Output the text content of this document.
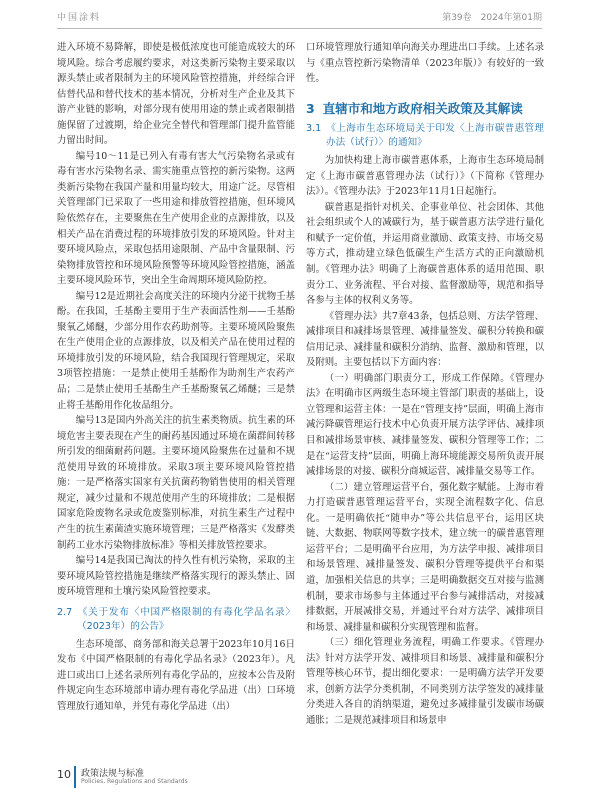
中国涂料	第39卷　2024年第01期

进入环境不易降解，即使是极低浓度也可能造成较大的环境风险。综合考虑履约要求，对这类新污染物主要采取以源头禁止或者限制为主的环境风险管控措施，并经综合评估替代品和替代技术的基本情况，分析对生产企业及其下游产业链的影响，对部分现有使用用途的禁止或者限制措施保留了过渡期，给企业完全替代和管理部门提升监管能力留出时间。

编号10～11是已列入有毒有害大气污染物名录或有毒有害水污染物名录、需实施重点管控的新污染物。这两类新污染物在我国产量和用量均较大，用途广泛。尽管相关管理部门已采取了一些用途和排放管控措施，但环境风险依然存在，主要聚焦在生产使用企业的点源排放，以及相关产品在消费过程的环境排放引发的环境风险。针对主要环境风险点，采取包括用途限制、产品中含量限制、污染物排放管控和环境风险预警等环境风险管控措施，涵盖主要环境风险环节，突出全生命周期环境风险防控。

编号12是近期社会高度关注的环境内分泌干扰物壬基酚。在我国，壬基酚主要用于生产表面活性剂——壬基酚聚氧乙烯醚，少部分用作农药助剂等。主要环境风险聚焦在生产使用企业的点源排放，以及相关产品在使用过程的环境排放引发的环境风险，结合我国现行管理规定，采取3项管控措施：一是禁止使用壬基酚作为助剂生产农药产品；二是禁止使用壬基酚生产壬基酚聚氧乙烯醚；三是禁止将壬基酚用作化妆品组分。

编号13是国内外高关注的抗生素类物质。抗生素的环境危害主要表现在产生的耐药基因通过环境在菌群间转移所引发的细菌耐药问题。主要环境风险聚焦在过量和不规范使用导致的环境排放。采取3项主要环境风险管控措施：一是严格落实国家有关抗菌药物销售使用的相关管理规定，减少过量和不规范使用产生的环境排放；二是根据国家危险废物名录或危废鉴别标准，对抗生素生产过程中产生的抗生素菌渣实施环境管理；三是严格落实《发酵类制药工业水污染物排放标准》等相关排放管控要求。

编号14是我国已淘汰的持久性有机污染物，采取的主要环境风险管控措施是继续严格落实现行的源头禁止、固废环境管理和土壤污染风险管控要求。

2.7 《关于发布〈中国严格限制的有毒化学品名录〉（2023年）的公告》

生态环境部、商务部和海关总署于2023年10月16日发布《中国严格限制的有毒化学品名录》（2023年）。凡进口或出口上述名录所列有毒化学品的，应按本公告及附件规定向生态环境部申请办理有毒化学品进（出）口环境管理放行通知单，并凭有毒化学品进（出）

口环境管理放行通知单向海关办理进出口手续。上述名录与《重点管控新污染物清单（2023年版）》有较好的一致性。

3 直辖市和地方政府相关政策及其解读
3.1 《上海市生态环境局关于印发〈上海市碳普惠管理办法（试行）〉的通知》

为加快构建上海市碳普惠体系，上海市生态环境局制定《上海市碳普惠管理办法（试行）》（下简称《管理办法》）。《管理办法》于2023年11月1日起施行。

碳普惠是指针对机关、企事业单位、社会团体、其他社会组织或个人的减碳行为，基于碳普惠方法学进行量化和赋予一定价值，并运用商业激励、政策支持、市场交易等方式，推动建立绿色低碳生产生活方式的正向激励机制。《管理办法》明确了上海碳普惠体系的适用范围、职责分工、业务流程、平台对接、监督激励等，规范和指导各参与主体的权利义务等。

《管理办法》共7章43条，包括总则、方法学管理、减排项目和减排场景管理、减排量签发、碳积分转换和碳信用记录、减排量和碳积分消纳、监督、激励和管理，以及附则。主要包括以下方面内容：

（一）明确部门职责分工，形成工作保障。《管理办法》在明确市区两级生态环境主管部门职责的基础上，设立管理和运营主体：一是在“管理支持”层面，明确上海市减污降碳管理运行技术中心负责开展方法学评估、减排项目和减排场景审核、减排量签发、碳积分管理等工作；二是在“运营支持”层面，明确上海环境能源交易所负责开展减排场景的对接、碳积分商城运营、减排量交易等工作。

（二）建立管理运营平台，强化数字赋能。上海市着力打造碳普惠管理运营平台，实现全流程数字化、信息化。一是明确依托“随申办”等公共信息平台，运用区块链、大数据、物联网等数字技术，建立统一的碳普惠管理运营平台；二是明确平台应用，为方法学申报、减排项目和场景管理、减排量签发、碳积分管理等提供平台和渠道，加强相关信息的共享；三是明确数据交互对接与监测机制，要求市场参与主体通过平台参与减排活动，对接减排数据，开展减排交易，并通过平台对方法学、减排项目和场景、减排量和碳积分实现管理和监督。

（三）细化管理业务流程，明确工作要求。《管理办法》针对方法学开发、减排项目和场景、减排量和碳积分管理等核心环节，提出细化要求：一是明确方法学开发要求，创新方法学分类机制，不同类别方法学签发的减排量分类进入各自的消纳渠道，避免过多减排量引发碳市场碳通胀；二是规范减排项目和场景申

10 政策法规与标准
Policies, Regulations and Standards
